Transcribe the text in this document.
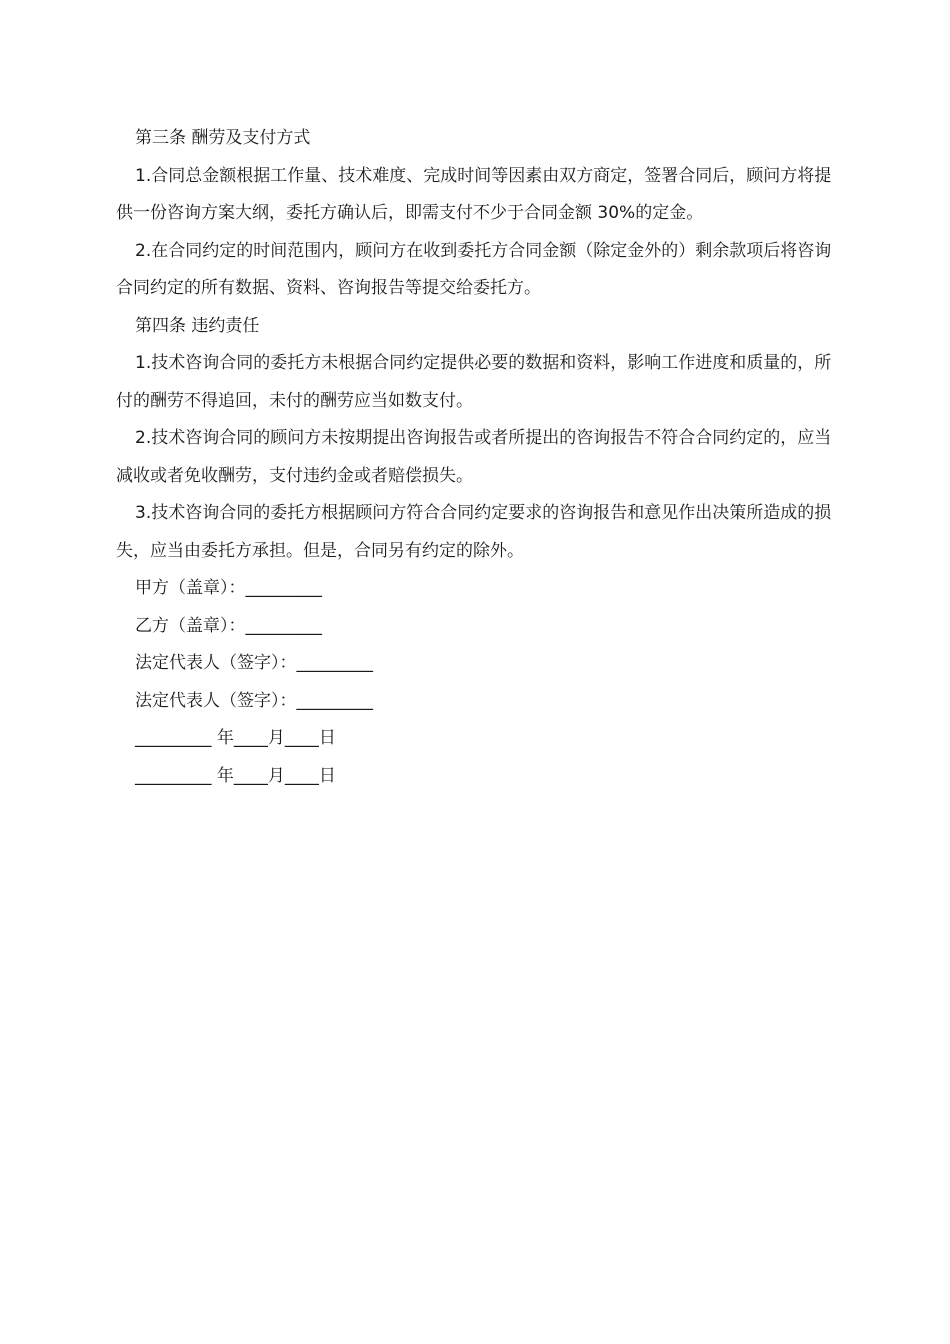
第三条 酬劳及支付方式

1.合同总金额根据工作量、技术难度、完成时间等因素由双方商定，签署合同后，顾问方将提供一份咨询方案大纲，委托方确认后，即需支付不少于合同金额 30%的定金。

2.在合同约定的时间范围内，顾问方在收到委托方合同金额（除定金外的）剩余款项后将咨询合同约定的所有数据、资料、咨询报告等提交给委托方。

第四条 违约责任

1.技术咨询合同的委托方未根据合同约定提供必要的数据和资料，影响工作进度和质量的，所付的酬劳不得追回，未付的酬劳应当如数支付。

2.技术咨询合同的顾问方未按期提出咨询报告或者所提出的咨询报告不符合合同约定的，应当减收或者免收酬劳，支付违约金或者赔偿损失。

3.技术咨询合同的委托方根据顾问方符合合同约定要求的咨询报告和意见作出决策所造成的损失，应当由委托方承担。但是，合同另有约定的除外。

甲方（盖章）：_________

乙方（盖章）：_________

法定代表人（签字）：_________

法定代表人（签字）：_________

_________ 年____月____日

_________ 年____月____日
